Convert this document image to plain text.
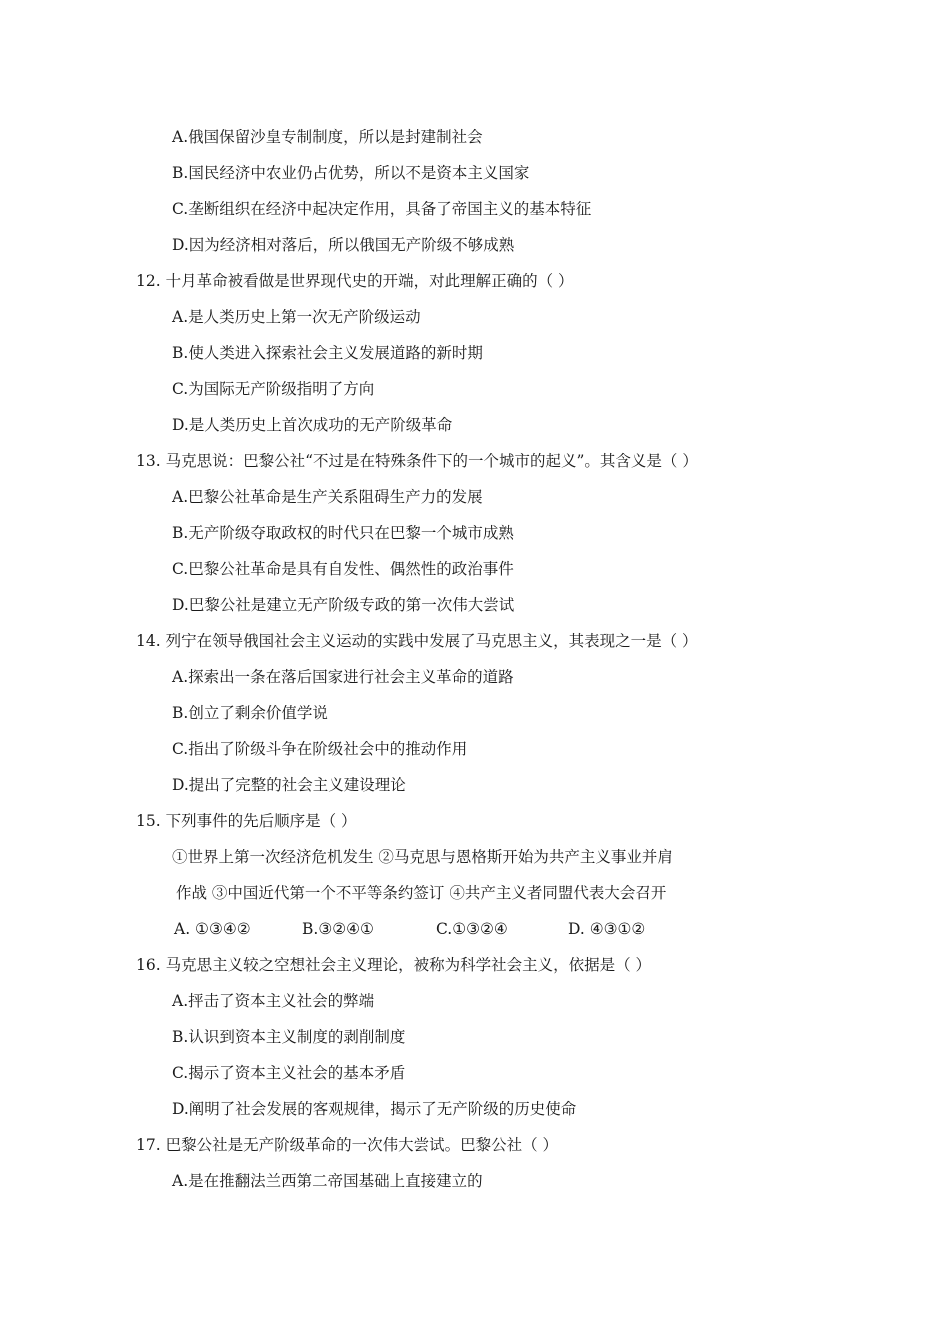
A.俄国保留沙皇专制制度，所以是封建制社会
B.国民经济中农业仍占优势，所以不是资本主义国家
C.垄断组织在经济中起决定作用，具备了帝国主义的基本特征
D.因为经济相对落后，所以俄国无产阶级不够成熟
12. 十月革命被看做是世界现代史的开端，对此理解正确的（ ）
A.是人类历史上第一次无产阶级运动
B.使人类进入探索社会主义发展道路的新时期
C.为国际无产阶级指明了方向
D.是人类历史上首次成功的无产阶级革命
13. 马克思说：巴黎公社“不过是在特殊条件下的一个城市的起义”。其含义是（ ）
A.巴黎公社革命是生产关系阻碍生产力的发展
B.无产阶级夺取政权的时代只在巴黎一个城市成熟
C.巴黎公社革命是具有自发性、偶然性的政治事件
D.巴黎公社是建立无产阶级专政的第一次伟大尝试
14. 列宁在领导俄国社会主义运动的实践中发展了马克思主义，其表现之一是（ ）
A.探索出一条在落后国家进行社会主义革命的道路
B.创立了剩余价值学说
C.指出了阶级斗争在阶级社会中的推动作用
D.提出了完整的社会主义建设理论
15. 下列事件的先后顺序是（ ）
①世界上第一次经济危机发生 ②马克思与恩格斯开始为共产主义事业并肩
作战 ③中国近代第一个不平等条约签订 ④共产主义者同盟代表大会召开
A. ①③④②	B.③②④①	C.①③②④	D. ④③①②
16. 马克思主义较之空想社会主义理论，被称为科学社会主义，依据是（ ）
A.抨击了资本主义社会的弊端
B.认识到资本主义制度的剥削制度
C.揭示了资本主义社会的基本矛盾
D.阐明了社会发展的客观规律，揭示了无产阶级的历史使命
17. 巴黎公社是无产阶级革命的一次伟大尝试。巴黎公社（ ）
A.是在推翻法兰西第二帝国基础上直接建立的
